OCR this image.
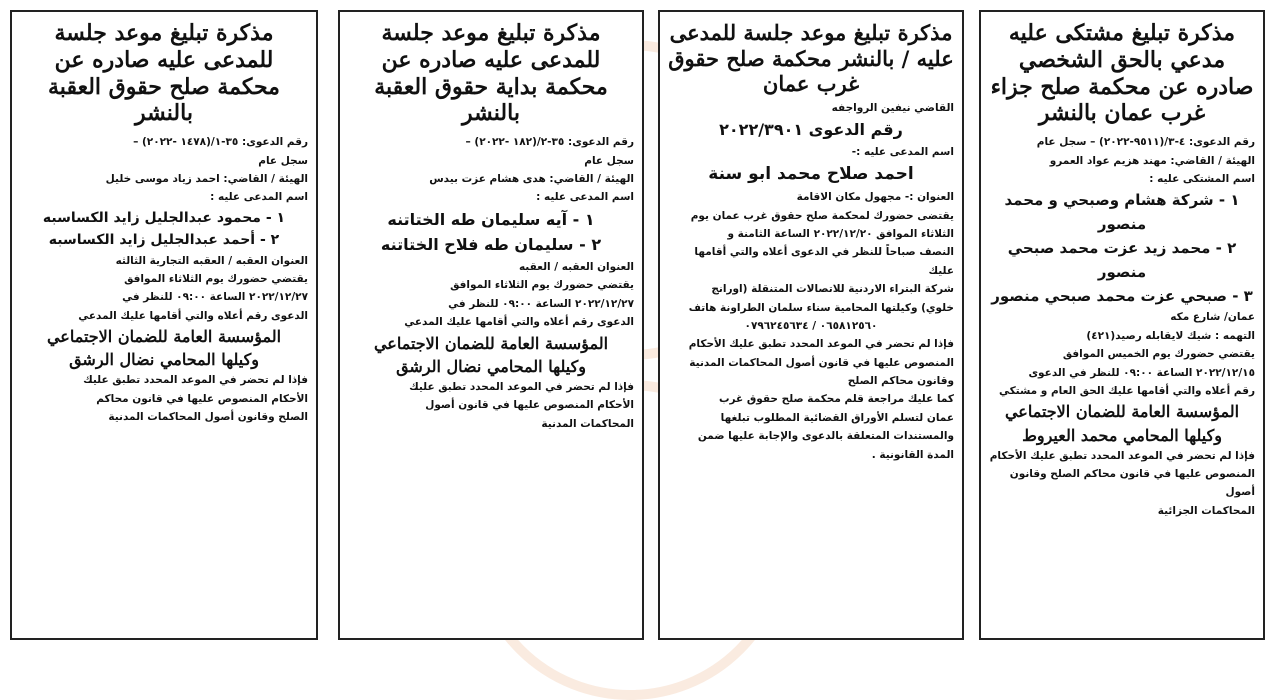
مذكرة تبليغ مشتكى عليه مدعي بالحق الشخصي صادره عن محكمة صلح جزاء غرب عمان بالنشر

رقم الدعوى: ٤-٣/(٩٥١١-٢٠٢٢) – سجل عام

الهيئة / القاضي: مهند هزيم عواد العمرو

اسم المشتكى عليه :

١ - شركة هشام وصبحي و محمد منصور

٢ - محمد زيد عزت محمد صبحي منصور

٣ - صبحي عزت محمد صبحي منصور

عمان/ شارع مكه

التهمه : شيك لايقابله رصيد(٤٢١)

يقتضي حضورك يوم الخميس الموافق

٢٠٢٢/١٢/١٥ الساعة ٠٩:٠٠ للنظر في الدعوى

رقم أعلاه والتي أقامها عليك الحق العام و مشتكي

المؤسسة العامة للضمان الاجتماعي

وكيلها المحامي محمد العيروط

فإذا لم تحضر في الموعد المحدد تطبق عليك الأحكام

المنصوص عليها في قانون محاكم الصلح وقانون أصول

المحاكمات الجزائية

مذكرة تبليغ موعد جلسة للمدعى عليه / بالنشر محكمة صلح حقوق غرب عمان

القاضي نيفين الرواجفه

رقم الدعوى ٢٠٢٢/٣٩٠١

اسم المدعى عليه :-

احمد صلاح محمد ابو سنة

العنوان :- مجهول مكان الاقامة

يقتضى حضورك لمحكمة صلح حقوق غرب عمان يوم

الثلاثاء الموافق ٢٠٢٢/١٢/٢٠ الساعة الثامنة و

النصف صباحاً للنظر في الدعوى أعلاه والتي أقامها

عليك

شركة البتراء الاردنية للاتصالات المتنقلة (اورانج

خلوي) وكيلتها المحامية سناء سلمان الطراونة هاتف

٠٦٥٨١٢٥٦٠ / ٠٧٩٦٢٤٥٦٣٤

فإذا لم تحضر في الموعد المحدد تطبق عليك الأحكام

المنصوص عليها في قانون أصول المحاكمات المدنية

وقانون محاكم الصلح

كما عليك مراجعة قلم محكمة صلح حقوق غرب

عمان لتسلم الأوراق القضائية المطلوب تبلغها

والمستندات المتعلقة بالدعوى والإجابة عليها ضمن

المدة القانونية .

مذكرة تبليغ موعد جلسة للمدعى عليه صادره عن محكمة بداية حقوق العقبة بالنشر

رقم الدعوى: ٣٥-٢/(١٨٢ -٢٠٢٢) –

سجل عام

الهيئة / القاضي: هدى هشام عزت بيدس

اسم المدعى عليه :

١ - آيه سليمان طه الختاتنه

٢ - سليمان طه فلاح الختاتنه

العنوان العقبه / العقبه

يقتضي حضورك يوم الثلاثاء الموافق

٢٠٢٢/١٢/٢٧ الساعة ٠٩:٠٠ للنظر في

الدعوى رقم أعلاه والتي أقامها عليك المدعي

المؤسسة العامة للضمان الاجتماعي

وكيلها المحامي نضال الرشق

فإذا لم تحضر في الموعد المحدد تطبق عليك

الأحكام المنصوص عليها في قانون أصول

المحاكمات المدنية

مذكرة تبليغ موعد جلسة للمدعى عليه صادره عن محكمة صلح حقوق العقبة بالنشر

رقم الدعوى: ٣٥-١/(١٤٧٨ -٢٠٢٢) –

سجل عام

الهيئة / القاضي: احمد زياد موسى خليل

اسم المدعى عليه :

١ - محمود عبدالجليل زايد الكساسبه

٢ - أحمد عبدالجليل زايد الكساسبه

العنوان العقبه / العقبه التجارية الثالثه

يقتضي حضورك يوم الثلاثاء الموافق

٢٠٢٢/١٢/٢٧ الساعة ٠٩:٠٠ للنظر في

الدعوى رقم أعلاه والتي أقامها عليك المدعي

المؤسسة العامة للضمان الاجتماعي

وكيلها المحامي نضال الرشق

فإذا لم تحضر في الموعد المحدد تطبق عليك

الأحكام المنصوص عليها في قانون محاكم

الصلح وقانون أصول المحاكمات المدنية
